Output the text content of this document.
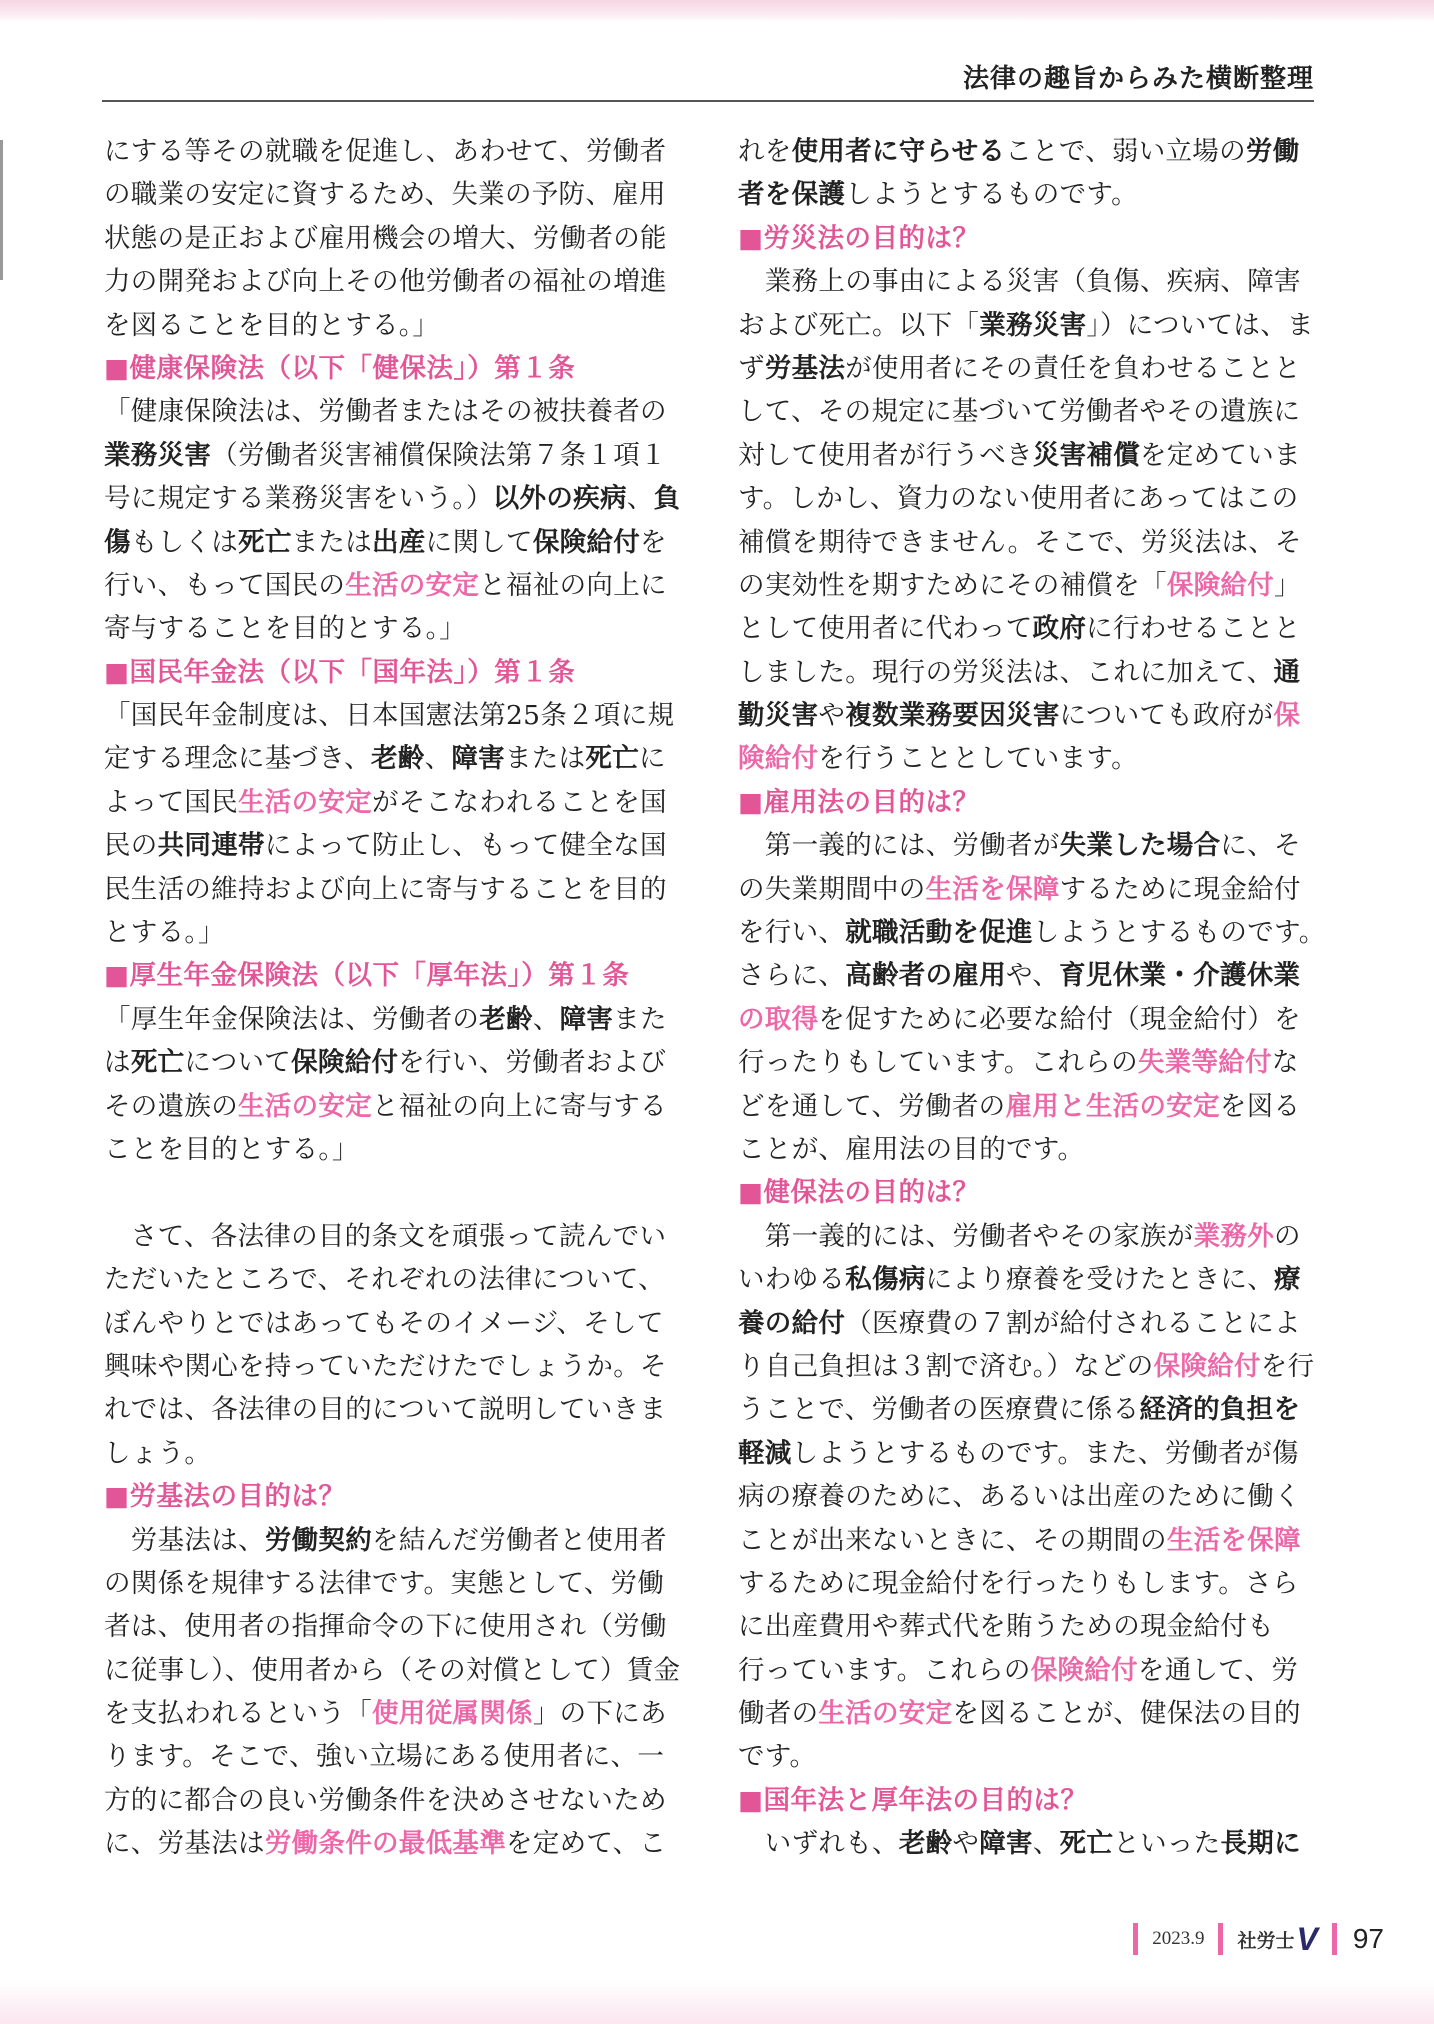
法律の趣旨からみた横断整理
にする等その就職を促進し、あわせて、労働者
の職業の安定に資するため、失業の予防、雇用
状態の是正および雇用機会の増大、労働者の能
力の開発および向上その他労働者の福祉の増進
を図ることを目的とする。」
■健康保険法（以下「健保法」）第１条
「健康保険法は、労働者またはその被扶養者の
業務災害（労働者災害補償保険法第７条１項１
号に規定する業務災害をいう。）以外の疾病、負
傷もしくは死亡または出産に関して保険給付を
行い、もって国民の生活の安定と福祉の向上に
寄与することを目的とする。」
■国民年金法（以下「国年法」）第１条
「国民年金制度は、日本国憲法第25条２項に規
定する理念に基づき、老齢、障害または死亡に
よって国民生活の安定がそこなわれることを国
民の共同連帯によって防止し、もって健全な国
民生活の維持および向上に寄与することを目的
とする。」
■厚生年金保険法（以下「厚年法」）第１条
「厚生年金保険法は、労働者の老齢、障害また
は死亡について保険給付を行い、労働者および
その遺族の生活の安定と福祉の向上に寄与する
ことを目的とする。」
　さて、各法律の目的条文を頑張って読んでい
ただいたところで、それぞれの法律について、
ぼんやりとではあってもそのイメージ、そして
興味や関心を持っていただけたでしょうか。そ
れでは、各法律の目的について説明していきま
しょう。
■労基法の目的は？
　労基法は、労働契約を結んだ労働者と使用者
の関係を規律する法律です。実態として、労働
者は、使用者の指揮命令の下に使用され（労働
に従事し）、使用者から（その対償として）賃金
を支払われるという「使用従属関係」の下にあ
ります。そこで、強い立場にある使用者に、一
方的に都合の良い労働条件を決めさせないため
に、労基法は労働条件の最低基準を定めて、こ
れを使用者に守らせることで、弱い立場の労働
者を保護しようとするものです。
■労災法の目的は？
　業務上の事由による災害（負傷、疾病、障害
および死亡。以下「業務災害」）については、ま
ず労基法が使用者にその責任を負わせることと
して、その規定に基づいて労働者やその遺族に
対して使用者が行うべき災害補償を定めていま
す。しかし、資力のない使用者にあってはこの
補償を期待できません。そこで、労災法は、そ
の実効性を期すためにその補償を「保険給付」
として使用者に代わって政府に行わせることと
しました。現行の労災法は、これに加えて、通
勤災害や複数業務要因災害についても政府が保
険給付を行うこととしています。
■雇用法の目的は？
　第一義的には、労働者が失業した場合に、そ
の失業期間中の生活を保障するために現金給付
を行い、就職活動を促進しようとするものです。
さらに、高齢者の雇用や、育児休業・介護休業
の取得を促すために必要な給付（現金給付）を
行ったりもしています。これらの失業等給付な
どを通して、労働者の雇用と生活の安定を図る
ことが、雇用法の目的です。
■健保法の目的は？
　第一義的には、労働者やその家族が業務外の
いわゆる私傷病により療養を受けたときに、療
養の給付（医療費の７割が給付されることによ
り自己負担は３割で済む。）などの保険給付を行
うことで、労働者の医療費に係る経済的負担を
軽減しようとするものです。また、労働者が傷
病の療養のために、あるいは出産のために働く
ことが出来ないときに、その期間の生活を保障
するために現金給付を行ったりもします。さら
に出産費用や葬式代を賄うための現金給付も
行っています。これらの保険給付を通して、労
働者の生活の安定を図ることが、健保法の目的
です。
■国年法と厚年法の目的は？
　いずれも、老齢や障害、死亡といった長期に
2023.9 社労士 V 97
